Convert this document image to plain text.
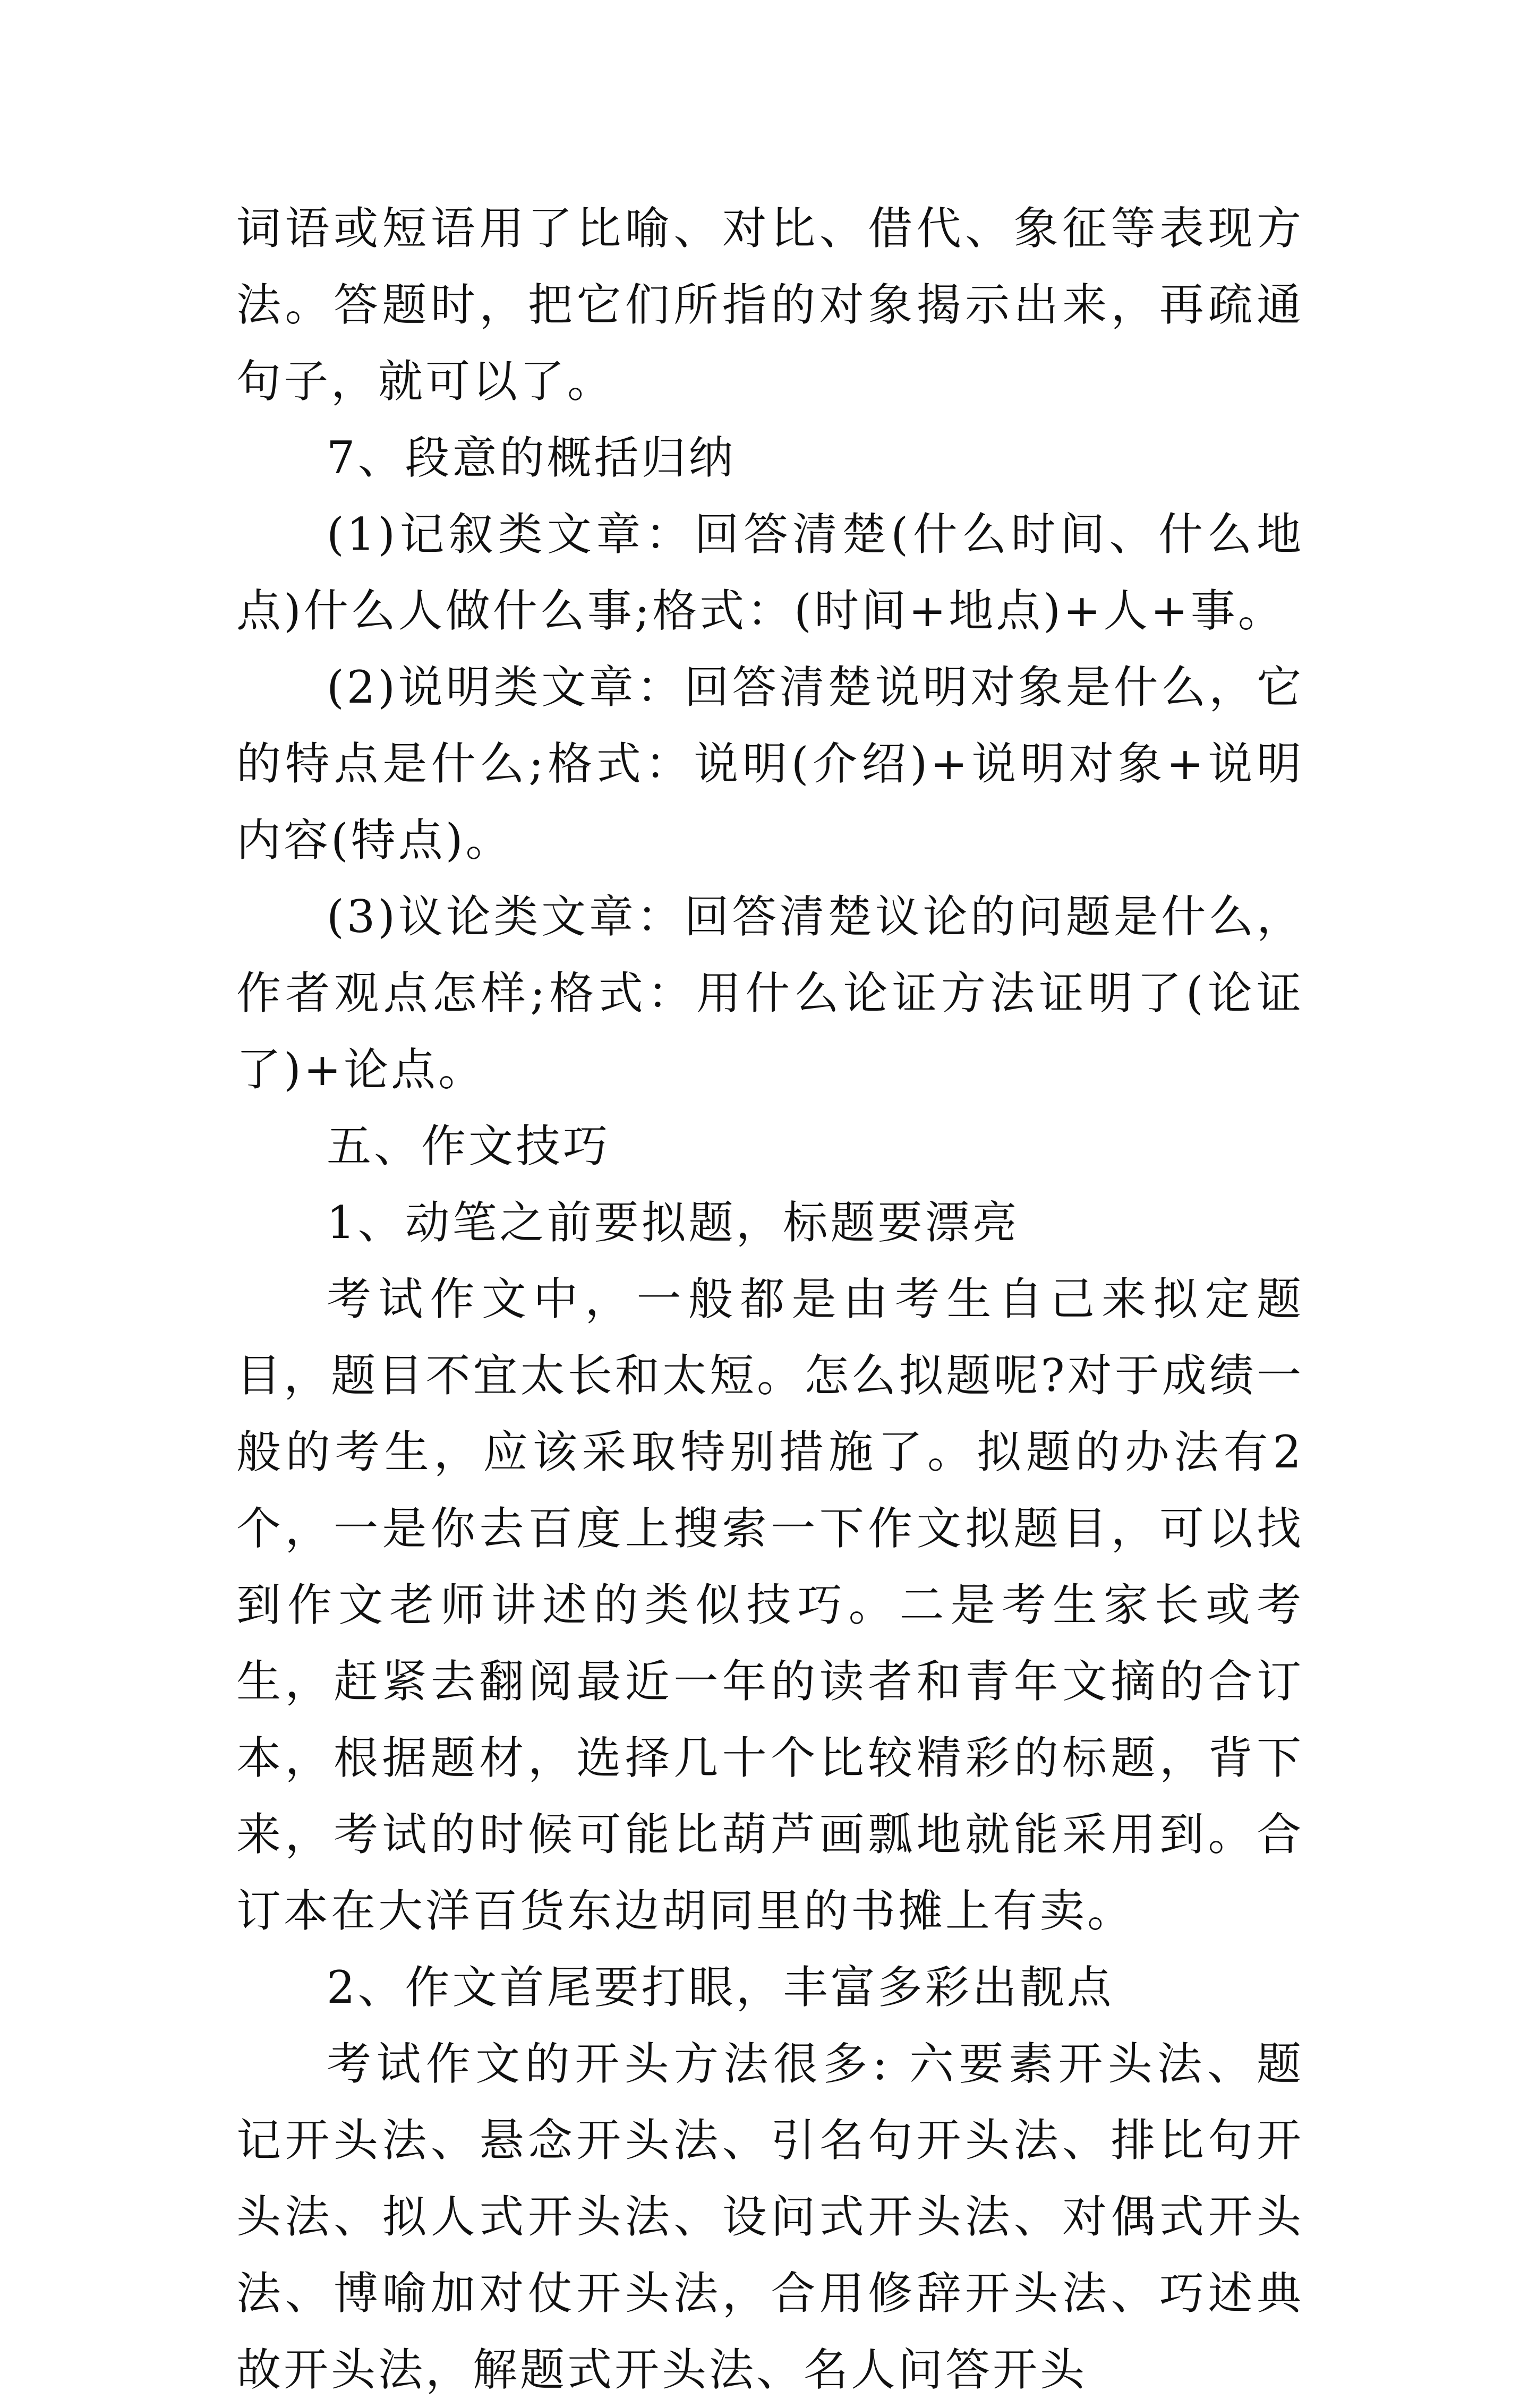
词语或短语用了比喻、对比、借代、象征等表现方法。答题时，把它们所指的对象揭示出来，再疏通句子，就可以了。

7、段意的概括归纳

(1)记叙类文章：回答清楚(什么时间、什么地点)什么人做什么事;格式：(时间+地点)+人+事。

(2)说明类文章：回答清楚说明对象是什么，它的特点是什么;格式：说明(介绍)+说明对象+说明内容(特点)。

(3)议论类文章：回答清楚议论的问题是什么，作者观点怎样;格式：用什么论证方法证明了(论证了)+论点。

五、作文技巧

1、动笔之前要拟题，标题要漂亮

考试作文中，一般都是由考生自己来拟定题目，题目不宜太长和太短。怎么拟题呢?对于成绩一般的考生，应该采取特别措施了。拟题的办法有2个，一是你去百度上搜索一下作文拟题目，可以找到作文老师讲述的类似技巧。二是考生家长或考生，赶紧去翻阅最近一年的读者和青年文摘的合订本，根据题材，选择几十个比较精彩的标题，背下来，考试的时候可能比葫芦画瓢地就能采用到。合订本在大洋百货东边胡同里的书摊上有卖。

2、作文首尾要打眼，丰富多彩出靓点

考试作文的开头方法很多: 六要素开头法、题记开头法、悬念开头法、引名句开头法、排比句开头法、拟人式开头法、设问式开头法、对偶式开头法、博喻加对仗开头法，合用修辞开头法、巧述典故开头法，解题式开头法、名人问答开头
